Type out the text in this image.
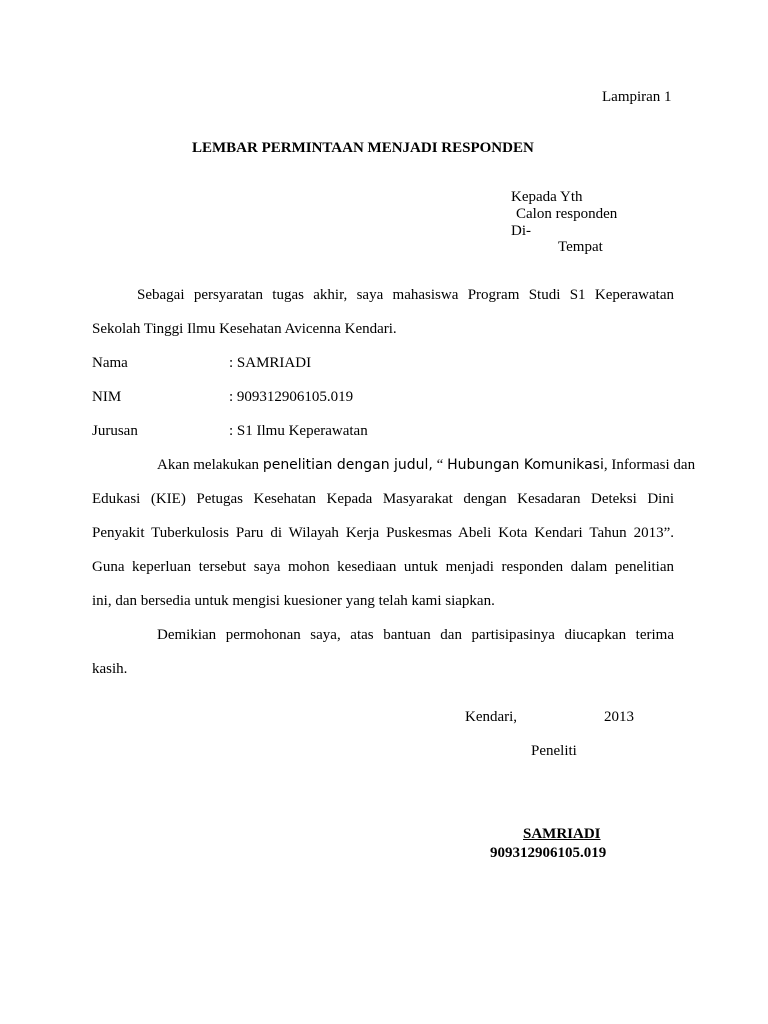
Lampiran 1
LEMBAR PERMINTAAN MENJADI RESPONDEN
Kepada Yth
Calon responden
Di-
Tempat
Sebagai persyaratan tugas akhir, saya mahasiswa Program Studi S1 Keperawatan
Sekolah Tinggi Ilmu Kesehatan Avicenna Kendari.
Nama	: SAMRIADI
NIM	: 909312906105.019
Jurusan	: S1 Ilmu Keperawatan
Akan melakukan penelitian dengan judul, “ Hubungan Komunikasi, Informasi dan
Edukasi (KIE) Petugas Kesehatan Kepada Masyarakat dengan Kesadaran Deteksi Dini
Penyakit Tuberkulosis Paru di Wilayah Kerja Puskesmas Abeli Kota Kendari Tahun 2013”.
Guna keperluan tersebut saya mohon kesediaan untuk menjadi responden dalam penelitian
ini, dan bersedia untuk mengisi kuesioner yang telah kami siapkan.
Demikian permohonan saya, atas bantuan dan partisipasinya diucapkan terima
kasih.
Kendari,	2013
Peneliti
SAMRIADI
909312906105.019
